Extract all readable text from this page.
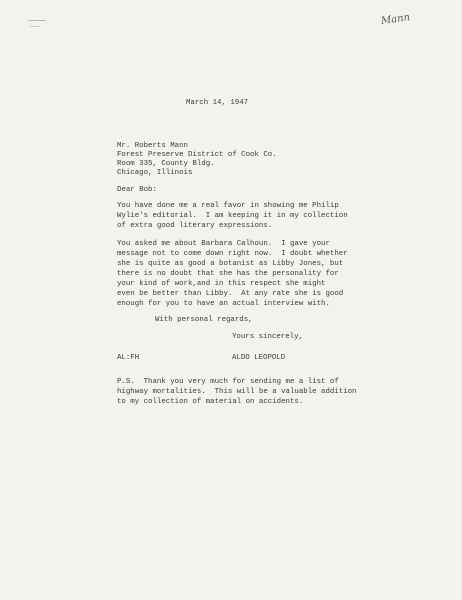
Mann
March 14, 1947
Mr. Roberts Mann
Forest Preserve District of Cook Co.
Room 335, County Bldg.
Chicago, Illinois
Dear Bob:
You have done me a real favor in showing me Philip
Wylie's editorial.  I am keeping it in my collection
of extra good literary expressions.
You asked me about Barbara Calhoun.  I gave your
message not to come down right now.  I doubt whether
she is quite as good a botanist as Libby Jones, but
there is no doubt that she has the personality for
your kind of work,and in this respect she might
even be better than Libby.  At any rate she is good
enough for you to have an actual interview with.
With personal regards,
Yours sincerely,
AL:FH	ALDO LEOPOLD
P.S.  Thank you very much for sending me a list of
highway mortalities.  This will be a valuable addition
to my collection of material on accidents.
